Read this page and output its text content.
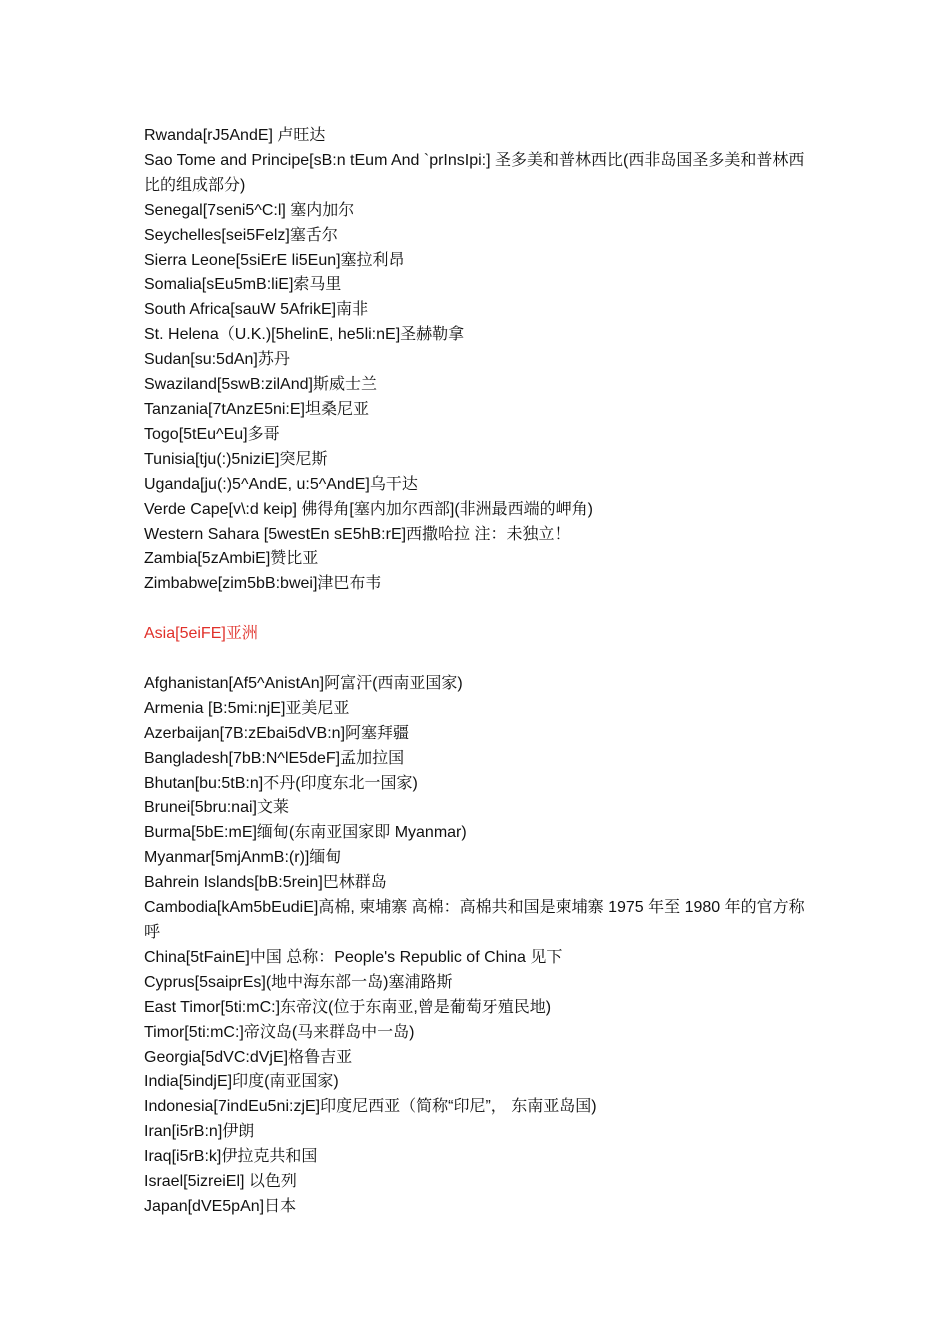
Rwanda[rJ5AndE] 卢旺达

Sao Tome and Principe[sB:n tEum And `prInsIpi:] 圣多美和普林西比(西非岛国圣多美和普林西比的组成部分)

Senegal[7seni5^C:l] 塞内加尔

Seychelles[sei5Felz]塞舌尔

Sierra Leone[5siErE li5Eun]塞拉利昂

Somalia[sEu5mB:liE]索马里

South Africa[sauW 5AfrikE]南非

St. Helena（U.K.)[5helinE, he5li:nE]圣赫勒拿

Sudan[su:5dAn]苏丹

Swaziland[5swB:zilAnd]斯威士兰

Tanzania[7tAnzE5ni:E]坦桑尼亚

Togo[5tEu^Eu]多哥

Tunisia[tju(:)5niziE]突尼斯

Uganda[ju(:)5^AndE, u:5^AndE]乌干达

Verde Cape[v\:d keip] 佛得角[塞内加尔西部](非洲最西端的岬角)

Western Sahara [5westEn sE5hB:rE]西撒哈拉 注：未独立！

Zambia[5zAmbiE]赞比亚

Zimbabwe[zim5bB:bwei]津巴布韦

Asia[5eiFE]亚洲

Afghanistan[Af5^AnistAn]阿富汗(西南亚国家)

Armenia [B:5mi:njE]亚美尼亚

Azerbaijan[7B:zEbai5dVB:n]阿塞拜疆

Bangladesh[7bB:N^lE5deF]孟加拉国

Bhutan[bu:5tB:n]不丹(印度东北一国家)

Brunei[5bru:nai]文莱

Burma[5bE:mE]缅甸(东南亚国家即 Myanmar)

Myanmar[5mjAnmB:(r)]缅甸

Bahrein Islands[bB:5rein]巴林群岛

Cambodia[kAm5bEudiE]高棉, 柬埔寨 高棉：高棉共和国是柬埔寨 1975 年至 1980 年的官方称呼

China[5tFainE]中国 总称：People's Republic of China 见下

Cyprus[5saiprEs](地中海东部一岛)塞浦路斯

East Timor[5ti:mC:]东帝汶(位于东南亚,曾是葡萄牙殖民地)

Timor[5ti:mC:]帝汶岛(马来群岛中一岛)

Georgia[5dVC:dVjE]格鲁吉亚

India[5indjE]印度(南亚国家)

Indonesia[7indEu5ni:zjE]印度尼西亚（简称“印尼”， 东南亚岛国)

Iran[i5rB:n]伊朗

Iraq[i5rB:k]伊拉克共和国

Israel[5izreiEl] 以色列

Japan[dVE5pAn]日本
